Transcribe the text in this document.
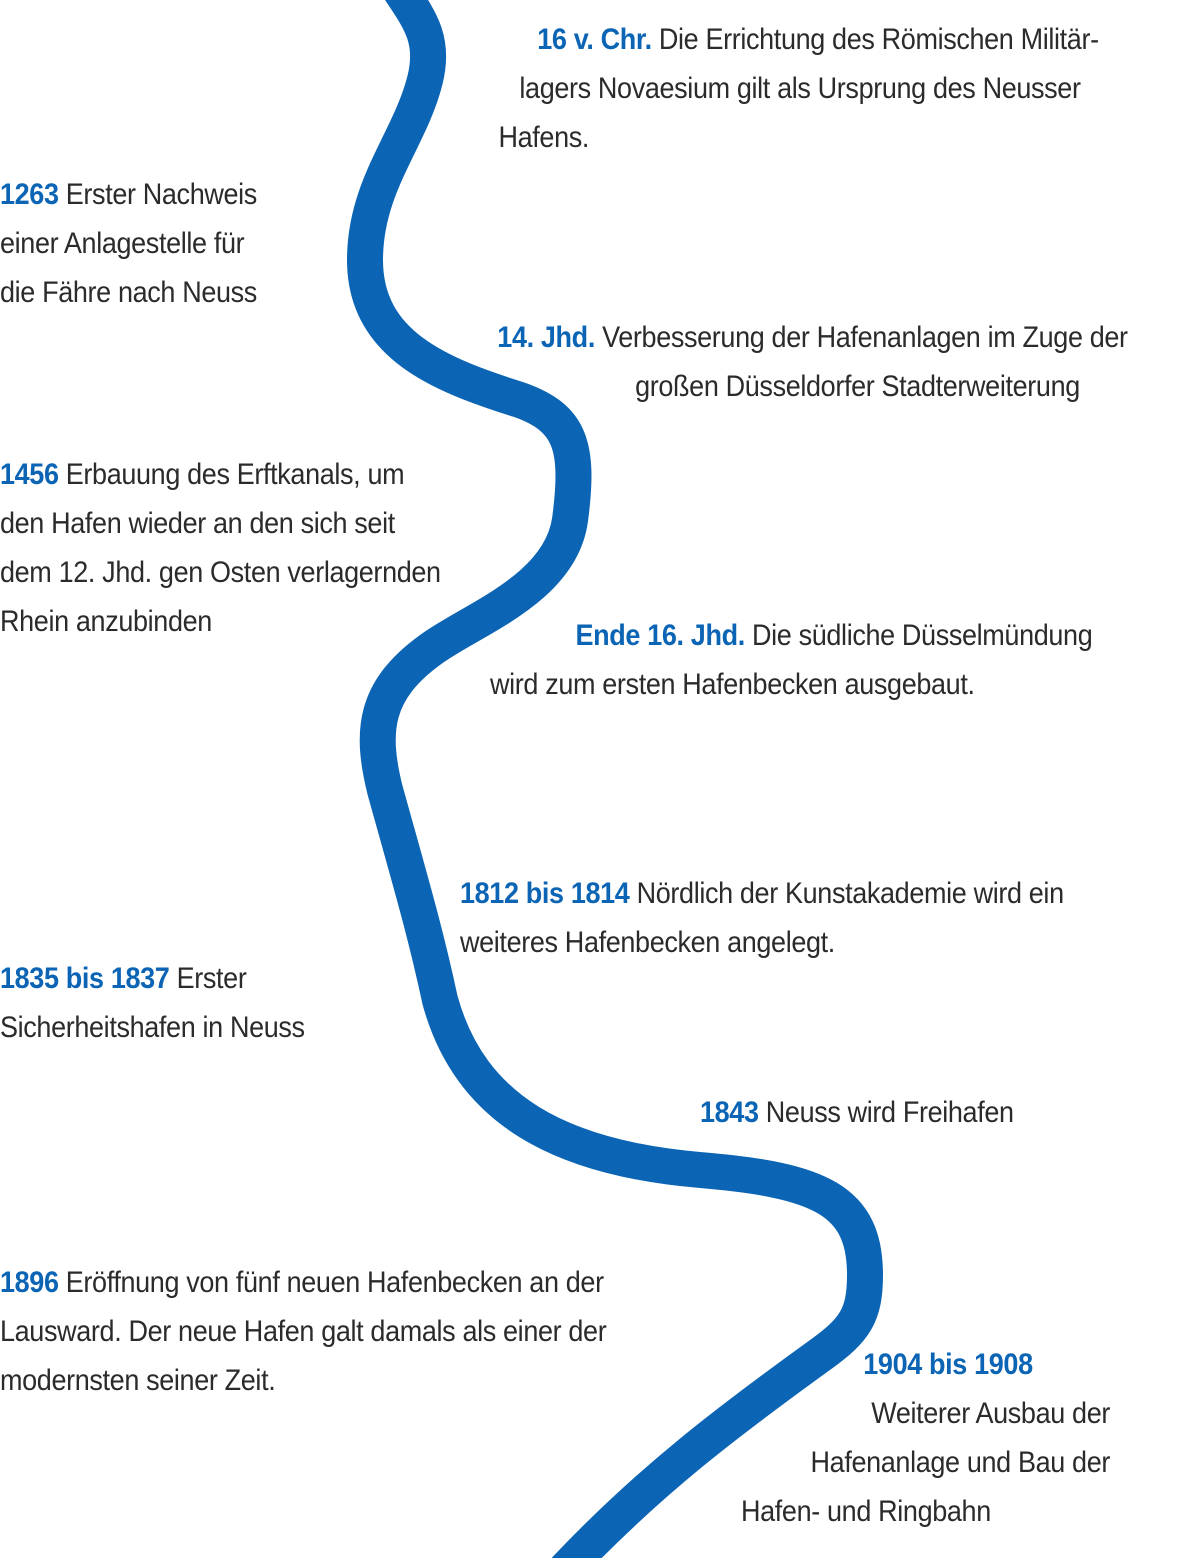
16 v. Chr. Die Errichtung des Römischen Militär-
lagers Novaesium gilt als Ursprung des Neusser
Hafens.
1263 Erster Nachweis
einer Anlagestelle für
die Fähre nach Neuss
14. Jhd. Verbesserung der Hafenanlagen im Zuge der
großen Düsseldorfer Stadterweiterung
1456 Erbauung des Erftkanals, um
den Hafen wieder an den sich seit
dem 12. Jhd. gen Osten verlagernden
Rhein anzubinden	Ende 16. Jhd. Die südliche Düsselmündung
wird zum ersten Hafenbecken ausgebaut.
1812 bis 1814 Nördlich der Kunstakademie wird ein
weiteres Hafenbecken angelegt.
1835 bis 1837 Erster
Sicherheitshafen in Neuss
1843 Neuss wird Freihafen
1896 Eröffnung von fünf neuen Hafenbecken an der
Lausward. Der neue Hafen galt damals als einer der
modernsten seiner Zeit.	1904 bis 1908
Weiterer Ausbau der
Hafenanlage und Bau der
Hafen- und Ringbahn
